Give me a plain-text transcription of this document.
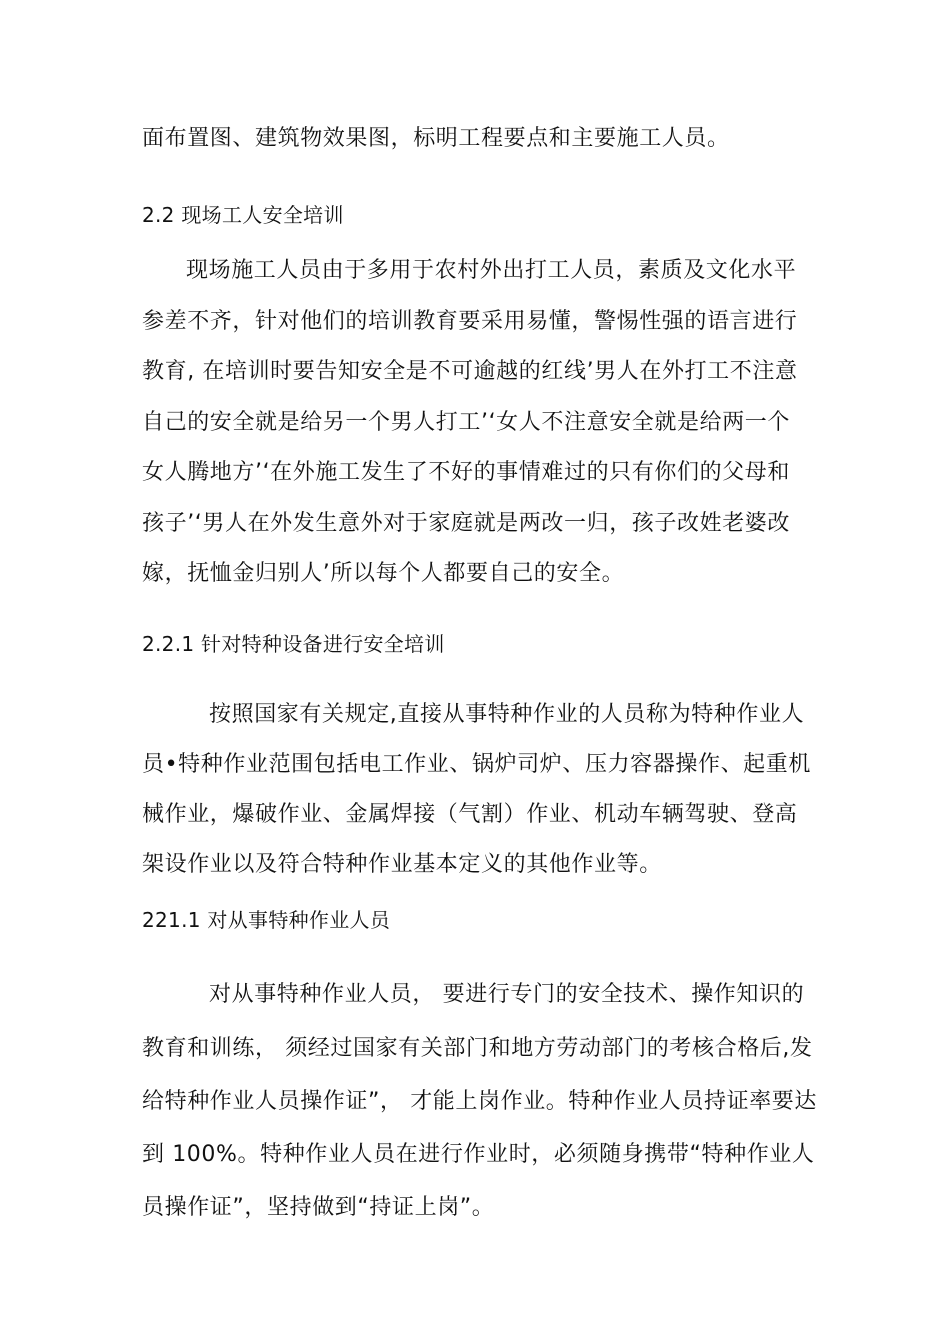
面布置图、建筑物效果图，标明工程要点和主要施工人员。
2.2 现场工人安全培训
现场施工人员由于多用于农村外出打工人员，素质及文化水平
参差不齐，针对他们的培训教育要采用易懂，警惕性强的语言进行
教育, 在培训时要告知安全是不可逾越的红线’男人在外打工不注意
自己的安全就是给另一个男人打工’‘女人不注意安全就是给两一个
女人腾地方’‘在外施工发生了不好的事情难过的只有你们的父母和
孩子’‘男人在外发生意外对于家庭就是两改一归，孩子改姓老婆改
嫁，抚恤金归别人’所以每个人都要自己的安全。
2.2.1 针对特种设备进行安全培训
按照国家有关规定,直接从事特种作业的人员称为特种作业人
员•特种作业范围包括电工作业、锅炉司炉、压力容器操作、起重机
械作业，爆破作业、金属焊接（气割）作业、机动车辆驾驶、登高
架设作业以及符合特种作业基本定义的其他作业等。
221.1 对从事特种作业人员
对从事特种作业人员， 要进行专门的安全技术、操作知识的
教育和训练， 须经过国家有关部门和地方劳动部门的考核合格后,发
给特种作业人员操作证”， 才能上岗作业。特种作业人员持证率要达
到 100%。特种作业人员在进行作业时，必须随身携带“特种作业人
员操作证”，坚持做到“持证上岗”。
